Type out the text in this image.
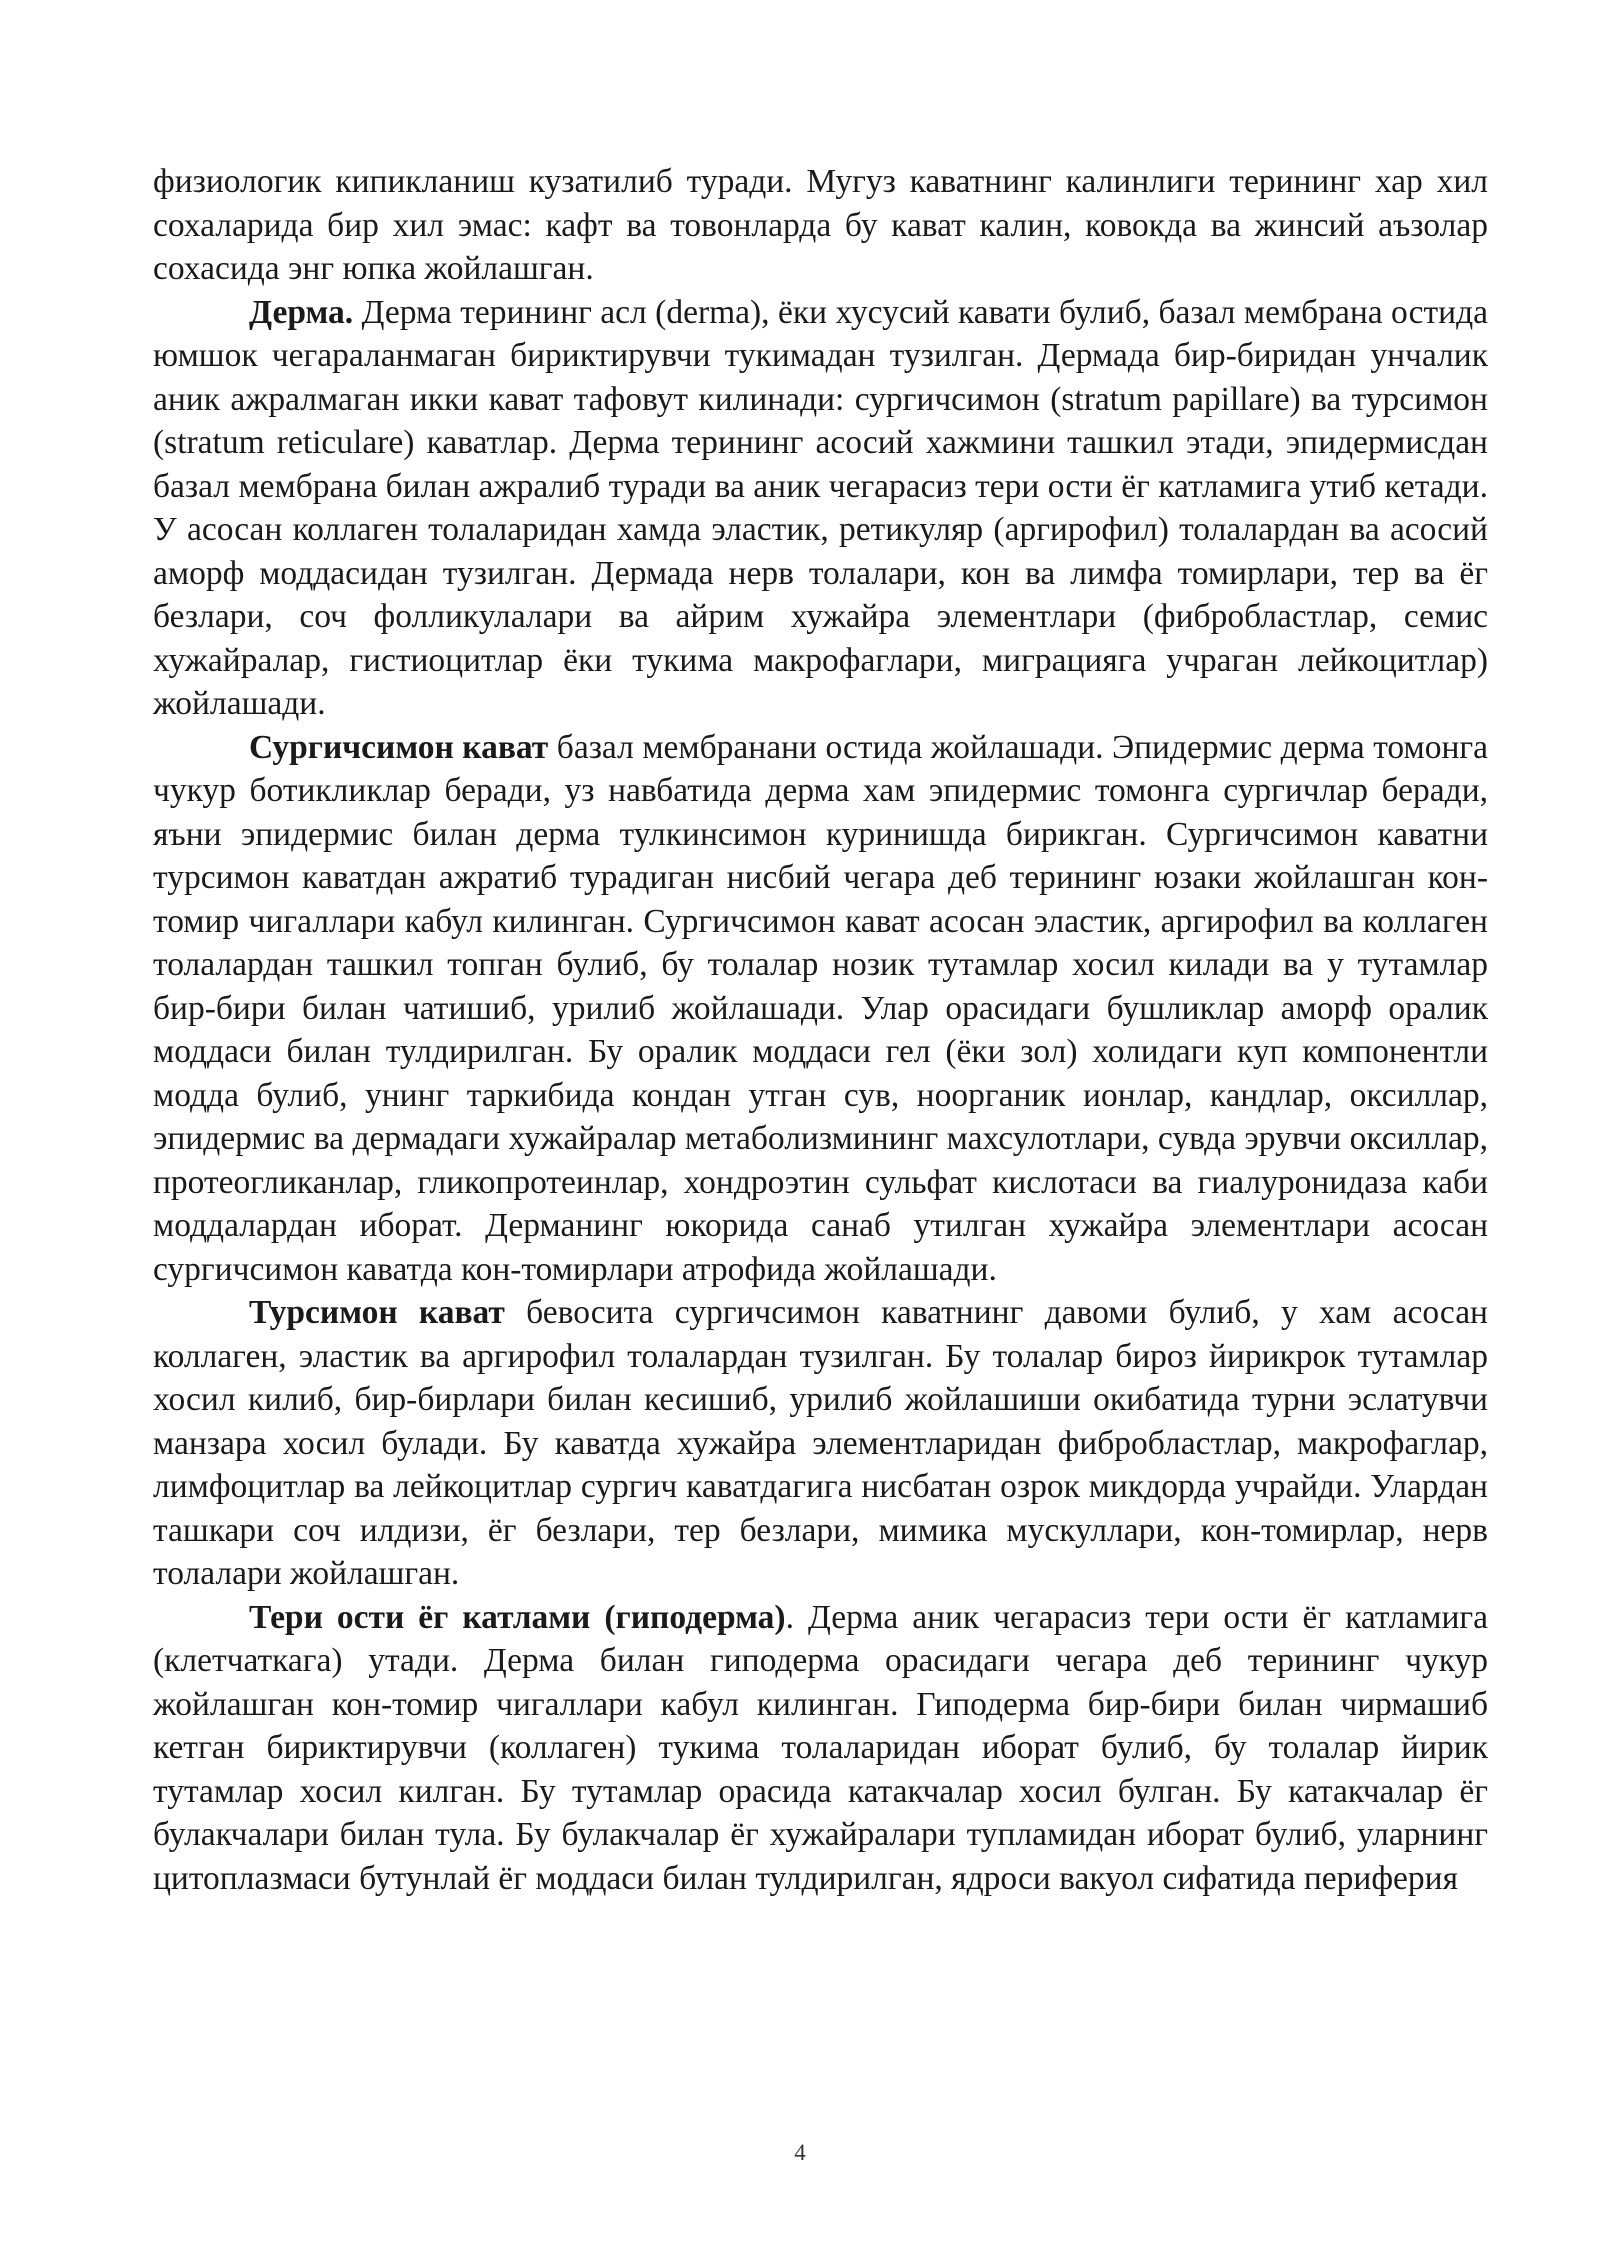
физиологик кипикланиш кузатилиб туради. Мугуз каватнинг калинлиги терининг хар хил сохаларида бир хил эмас: кафт ва товонларда бу кават калин, ковокда ва жинсий аъзолар сохасида энг юпка жойлашган.

Дерма. Дерма терининг асл (derma), ёки хусусий кавати булиб, базал мембрана остида юмшок чегараланмаган бириктирувчи тукимадан тузилган. Дермада бир-биридан унчалик аник ажралмаган икки кават тафовут килинади: сургичсимон (stratum papillare) ва турсимон (stratum reticulare) каватлар. Дерма терининг асосий хажмини ташкил этади, эпидермисдан базал мембрана билан ажралиб туради ва аник чегарасиз тери ости ёг катламига утиб кетади. У асосан коллаген толаларидан хамда эластик, ретикуляр (аргирофил) толалардан ва асосий аморф моддасидан тузилган. Дермада нерв толалари, кон ва лимфа томирлари, тер ва ёг безлари, соч фолликулалари ва айрим хужайра элементлари (фибробластлар, семис хужайралар, гистиоцитлар ёки тукима макрофаглари, миграцияга учраган лейкоцитлар) жойлашади.

Сургичсимон кават базал мембранани остида жойлашади. Эпидермис дерма томонга чукур ботикликлар беради, уз навбатида дерма хам эпидермис томонга сургичлар беради, яъни эпидермис билан дерма тулкинсимон куринишда бирикган. Сургичсимон каватни турсимон каватдан ажратиб турадиган нисбий чегара деб терининг юзаки жойлашган кон-томир чигаллари кабул килинган. Сургичсимон кават асосан эластик, аргирофил ва коллаген толалардан ташкил топган булиб, бу толалар нозик тутамлар хосил килади ва у тутамлар бир-бири билан чатишиб, урилиб жойлашади. Улар орасидаги бушликлар аморф оралик моддаси билан тулдирилган. Бу оралик моддаси гел (ёки зол) холидаги куп компонентли модда булиб, унинг таркибида кондан утган сув, ноорганик ионлар, кандлар, оксиллар, эпидермис ва дермадаги хужайралар метаболизмининг махсулотлари, сувда эрувчи оксиллар, протеогликанлар, гликопротеинлар, хондроэтин сульфат кислотаси ва гиалуронидаза каби моддалардан иборат. Дерманинг юкорида санаб утилган хужайра элементлари асосан сургичсимон каватда кон-томирлари атрофида жойлашади.

Турсимон кават бевосита сургичсимон каватнинг давоми булиб, у хам асосан коллаген, эластик ва аргирофил толалардан тузилган. Бу толалар бироз йирикрок тутамлар хосил килиб, бир-бирлари билан кесишиб, урилиб жойлашиши окибатида турни эслатувчи манзара хосил булади. Бу каватда хужайра элементларидан фибробластлар, макрофаглар, лимфоцитлар ва лейкоцитлар сургич каватдагига нисбатан озрок микдорда учрайди. Улардан ташкари соч илдизи, ёг безлари, тер безлари, мимика мускуллари, кон-томирлар, нерв толалари жойлашган.

Тери ости ёг катлами (гиподерма). Дерма аник чегарасиз тери ости ёг катламига (клетчаткага) утади. Дерма билан гиподерма орасидаги чегара деб терининг чукур жойлашган кон-томир чигаллари кабул килинган. Гиподерма бир-бири билан чирмашиб кетган бириктирувчи (коллаген) тукима толаларидан иборат булиб, бу толалар йирик тутамлар хосил килган. Бу тутамлар орасида катакчалар хосил булган. Бу катакчалар ёг булакчалари билан тула. Бу булакчалар ёг хужайралари тупламидан иборат булиб, уларнинг цитоплазмаси бутунлай ёг моддаси билан тулдирилган, ядроси вакуол сифатида периферия

4
